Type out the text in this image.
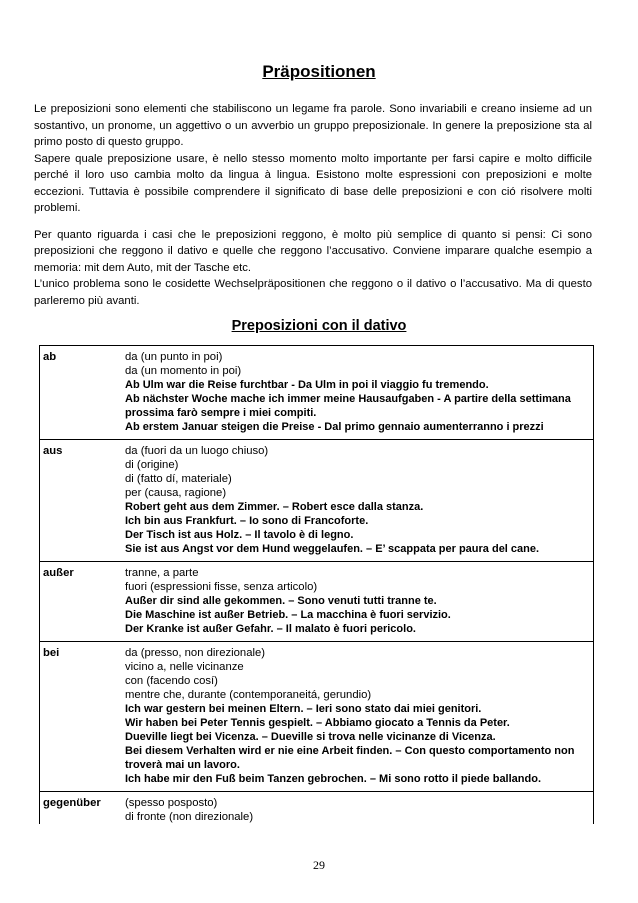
Präpositionen

Le preposizioni sono elementi che stabiliscono un legame fra parole. Sono invariabili e creano insieme ad un sostantivo, un pronome, un aggettivo o un avverbio un gruppo preposizionale. In genere la preposizione sta al primo posto di questo gruppo.

Sapere quale preposizione usare, è nello stesso momento molto importante per farsi capire e molto difficile perché il loro uso cambia molto da lingua à lingua. Esistono molte espressioni con preposizioni e molte eccezioni. Tuttavia è possibile comprendere il significato di base delle preposizioni e con ció risolvere molti problemi.

Per quanto riguarda i casi che le preposizioni reggono, è molto più semplice di quanto si pensi: Ci sono preposizioni che reggono il dativo e quelle che reggono l’accusativo. Conviene imparare qualche esempio a memoria: mit dem Auto, mit der Tasche etc.

L’unico problema sono le cosidette Wechselpräpositionen che reggono o il dativo o l’accusativo. Ma di questo parleremo più avanti.

Preposizioni con il dativo
ab	da (un punto in poi)
da (un momento in poi)
Ab Ulm war die Reise furchtbar - Da Ulm in poi il viaggio fu tremendo.
Ab nächster Woche mache ich immer meine Hausaufgaben - A partire della settimana prossima farò sempre i miei compiti.
Ab erstem Januar steigen die Preise - Dal primo gennaio aumenterranno i prezzi
aus	da (fuori da un luogo chiuso)
di (origine)
di (fatto dí, materiale)
per (causa, ragione)
Robert geht aus dem Zimmer. – Robert esce dalla stanza.
Ich bin aus Frankfurt. – Io sono di Francoforte.
Der Tisch ist aus Holz. – Il tavolo è di legno.
Sie ist aus Angst vor dem Hund weggelaufen. – E’ scappata per paura del cane.
außer	tranne, a parte
fuori (espressioni fisse, senza articolo)
Außer dir sind alle gekommen. – Sono venuti tutti tranne te.
Die Maschine ist außer Betrieb. – La macchina è fuori servizio.
Der Kranke ist außer Gefahr. – Il malato è fuori pericolo.
bei	da (presso, non direzionale)
vicino a, nelle vicinanze
con (facendo cosí)
mentre che, durante (contemporaneitá, gerundio)
Ich war gestern bei meinen Eltern. – Ieri sono stato dai miei genitori.
Wir haben bei Peter Tennis gespielt. – Abbiamo giocato a Tennis da Peter.
Dueville liegt bei Vicenza. – Dueville si trova nelle vicinanze di Vicenza.
Bei diesem Verhalten wird er nie eine Arbeit finden. – Con questo comportamento non troverà mai un lavoro.
Ich habe mir den Fuß beim Tanzen gebrochen. – Mi sono rotto il piede ballando.
gegenüber	(spesso posposto)
di fronte (non direzionale)
29
